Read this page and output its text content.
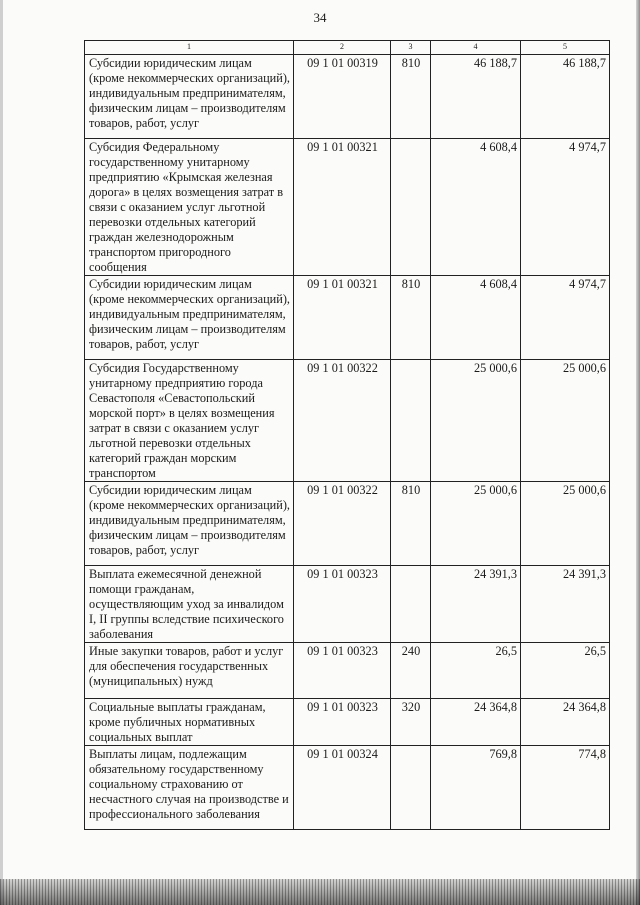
34
1	2	3	4	5
Субсидии юридическим лицам (кроме некоммерческих организаций), индивидуальным предпринимателям, физическим лицам – производителям товаров, работ, услуг	09 1 01 00319	810	46 188,7	46 188,7
Субсидия Федеральному государственному унитарному предприятию «Крымская железная дорога» в целях возмещения затрат в связи с оказанием услуг льготной перевозки отдельных категорий граждан железнодорожным транспортом пригородного сообщения	09 1 01 00321		4 608,4	4 974,7
Субсидии юридическим лицам (кроме некоммерческих организаций), индивидуальным предпринимателям, физическим лицам – производителям товаров, работ, услуг	09 1 01 00321	810	4 608,4	4 974,7
Субсидия Государственному унитарному предприятию города Севастополя «Севастопольский морской порт» в целях возмещения затрат в связи с оказанием услуг льготной перевозки отдельных категорий граждан морским транспортом	09 1 01 00322		25 000,6	25 000,6
Субсидии юридическим лицам (кроме некоммерческих организаций), индивидуальным предпринимателям, физическим лицам – производителям товаров, работ, услуг	09 1 01 00322	810	25 000,6	25 000,6
Выплата ежемесячной денежной помощи гражданам, осуществляющим уход за инвалидом I, II группы вследствие психического заболевания	09 1 01 00323		24 391,3	24 391,3
Иные закупки товаров, работ и услуг для обеспечения государственных (муниципальных) нужд	09 1 01 00323	240	26,5	26,5
Социальные выплаты гражданам, кроме публичных нормативных социальных выплат	09 1 01 00323	320	24 364,8	24 364,8
Выплаты лицам, подлежащим обязательному государственному социальному страхованию от несчастного случая на производстве и профессионального заболевания	09 1 01 00324		769,8	774,8
